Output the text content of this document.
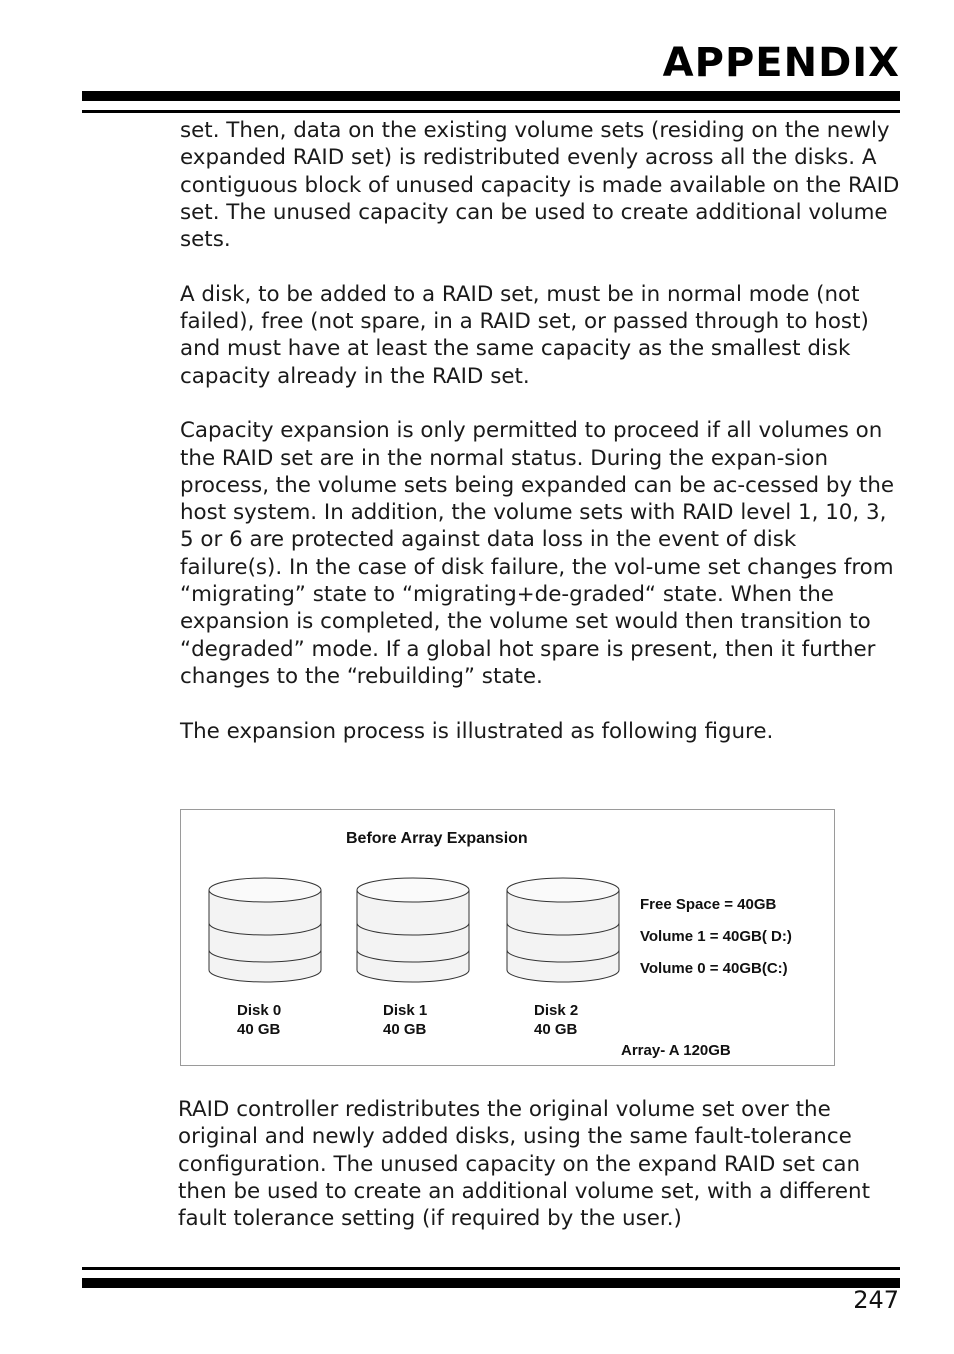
APPENDIX

set. Then, data on the existing volume sets (residing on the newly expanded RAID set) is redistributed evenly across all the disks. A contiguous block of unused capacity is made available on the RAID set. The unused capacity can be used to create additional volume sets.

A disk, to be added to a RAID set, must be in normal mode (not failed), free (not spare, in a RAID set, or passed through to host) and must have at least the same capacity as the smallest disk capacity already in the RAID set.

Capacity expansion is only permitted to proceed if all volumes on the RAID set are in the normal status. During the expan-sion process, the volume sets being expanded can be ac-cessed by the host system. In addition, the volume sets with RAID level 1, 10, 3, 5 or 6 are protected against data loss in the event of disk failure(s). In the case of disk failure, the vol-ume set changes from “migrating” state to “migrating+de-graded“ state. When the expansion is completed, the volume set would then transition to “degraded” mode. If a global hot spare is present, then it further changes to the “rebuilding” state.

The expansion process is illustrated as following figure.

Before Array Expansion
Free Space = 40GB
Volume 1 = 40GB( D:)
Volume 0 = 40GB(C:)
Disk 0
40 GB
Disk 1
40 GB
Disk 2
40 GB
Array- A 120GB

RAID controller redistributes the original volume set over the original and newly added disks, using the same fault-tolerance configuration. The unused capacity on the expand RAID set can then be used to create an additional volume set, with a different fault tolerance setting (if required by the user.)

247
